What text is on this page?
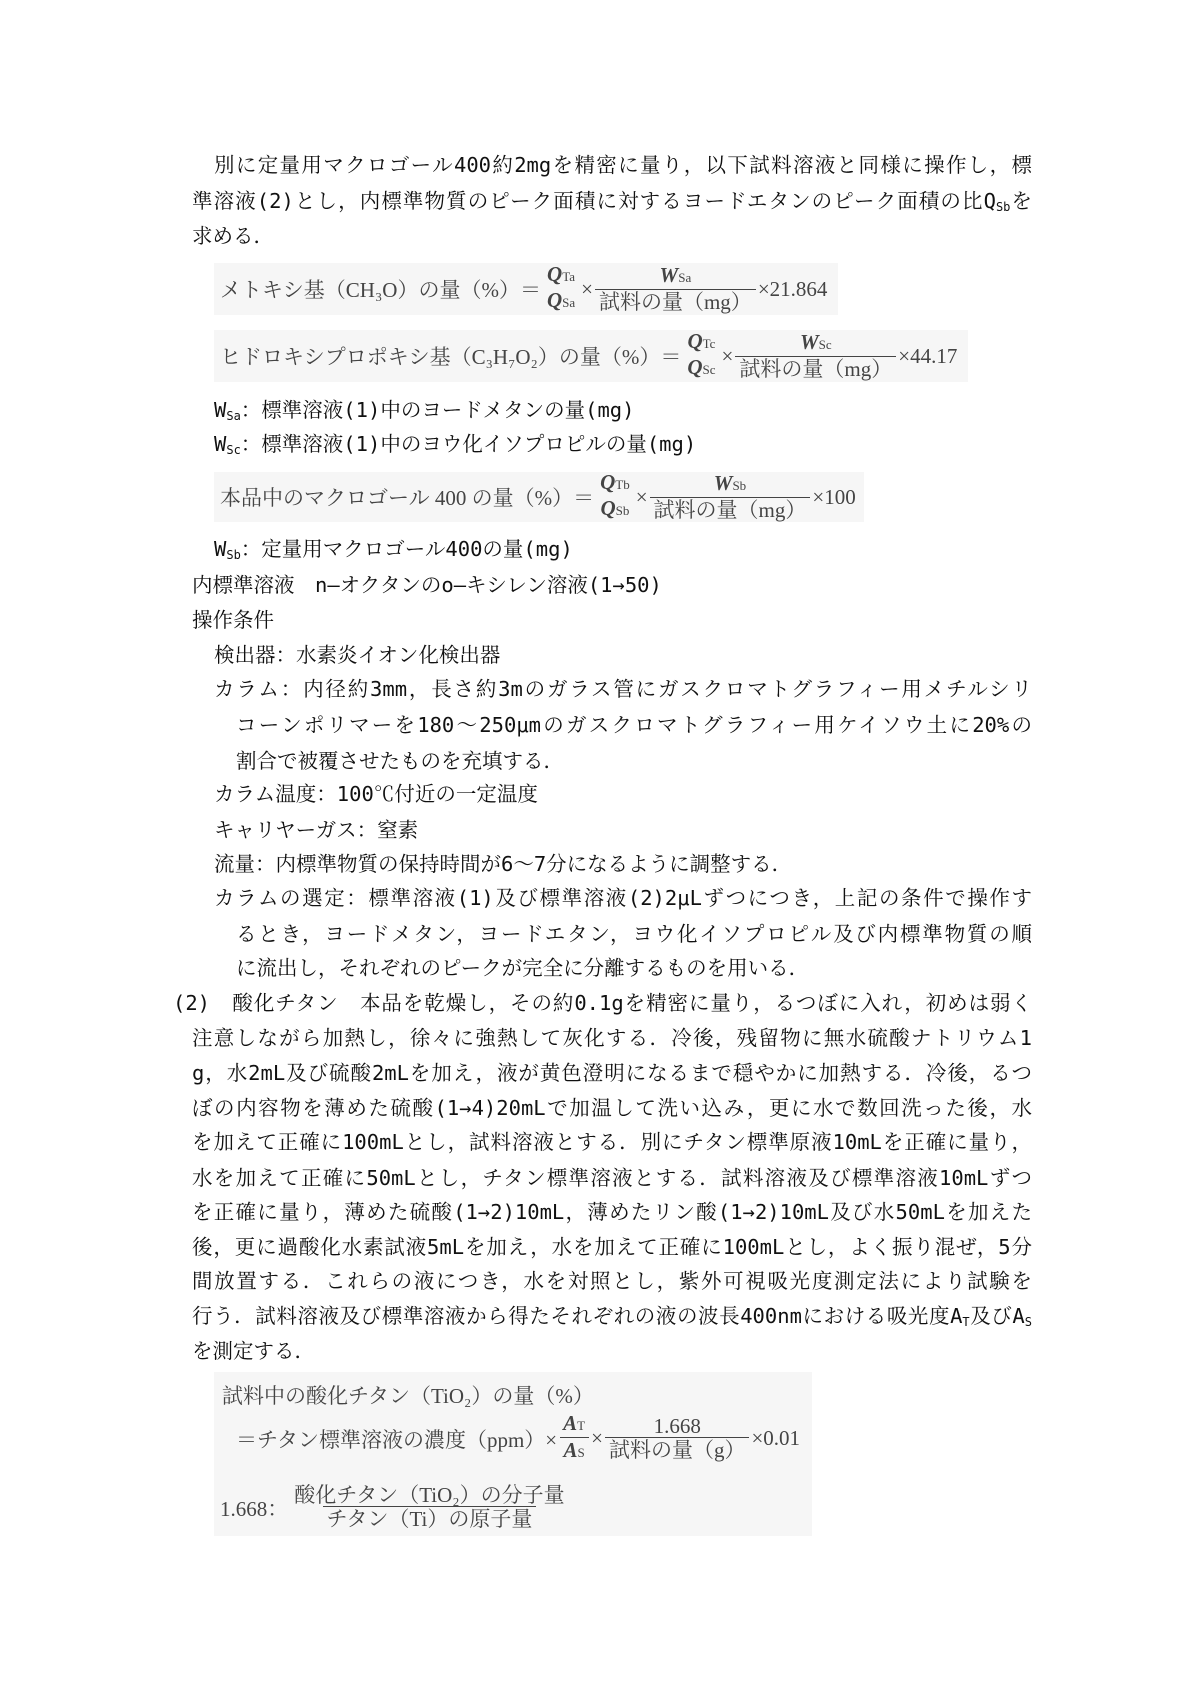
別に定量用マクロゴール400約2mgを精密に量り，以下試料溶液と同様に操作し，標
準溶液(2)とし，内標準物質のピーク面積に対するヨードエタンのピーク面積の比$Q_{Sb}$を
求める．
メトキシ基（CH₃O）の量（%）＝
QTa
QSa
× $\frac{\text{WSa}}{\text{試料の量（mg）}} \times 21.864$
ヒドロキシプロポキシ基（C₃H₇O₂）の量（%）＝
QTc
QSc
× $\frac{\text{WSc}}{\text{試料の量（mg）}} \times 44.17$
$W_{Sa}$：標準溶液(1)中のヨードメタンの量(mg)
$W_{Sc}$：標準溶液(1)中のヨウ化イソプロピルの量(mg)
本品中のマクロゴール 400 の量（%）＝
QTb
QSb
× $\frac{\text{WSb}}{\text{試料の量（mg）}} \times 100$
$W_{Sb}$：定量用マクロゴール400の量(mg)
内標準溶液　n―オクタンのo―キシレン溶液(1→50)
操作条件
検出器：水素炎イオン化検出器
カラム：内径約3mm，長さ約3mのガラス管にガスクロマトグラフィー用メチルシリ
コーンポリマーを180～250μmのガスクロマトグラフィー用ケイソウ土に20%の
割合で被覆させたものを充填する．
カラム温度：100℃付近の一定温度
キャリヤーガス：窒素
流量：内標準物質の保持時間が6～7分になるように調整する．
カラムの選定：標準溶液(1)及び標準溶液(2)2μLずつにつき，上記の条件で操作す
るとき，ヨードメタン，ヨードエタン，ヨウ化イソプロピル及び内標準物質の順
に流出し，それぞれのピークが完全に分離するものを用いる．
(2)　酸化チタン　本品を乾燥し，その約0.1gを精密に量り，るつぼに入れ，初めは弱く
注意しながら加熱し，徐々に強熱して灰化する．冷後，残留物に無水硫酸ナトリウム1
g，水2mL及び硫酸2mLを加え，液が黄色澄明になるまで穏やかに加熱する．冷後，るつ
ぼの内容物を薄めた硫酸(1→4)20mLで加温して洗い込み，更に水で数回洗った後，水
を加えて正確に100mLとし，試料溶液とする．別にチタン標準原液10mLを正確に量り，
水を加えて正確に50mLとし，チタン標準溶液とする．試料溶液及び標準溶液10mLずつ
を正確に量り，薄めた硫酸(1→2)10mL，薄めたリン酸(1→2)10mL及び水50mLを加えた
後，更に過酸化水素試液5mLを加え，水を加えて正確に100mLとし，よく振り混ぜ，5分
間放置する．これらの液につき，水を対照とし，紫外可視吸光度測定法により試験を
行う．試料溶液及び標準溶液から得たそれぞれの液の波長400nmにおける吸光度$A_T$及び$A_S$
を測定する．
試料中の酸化チタン（TiO₂）の量（%）
＝チタン標準溶液の濃度$(ppm)\times \frac{AT}{AS} \times \frac{1.668}{\text{試料の量（g）}} \times 0.01$
1.668： $\frac{\text{酸化チタン（TiO₂）の分子量}}{\text{チタン（Ti）の原子量}}$
